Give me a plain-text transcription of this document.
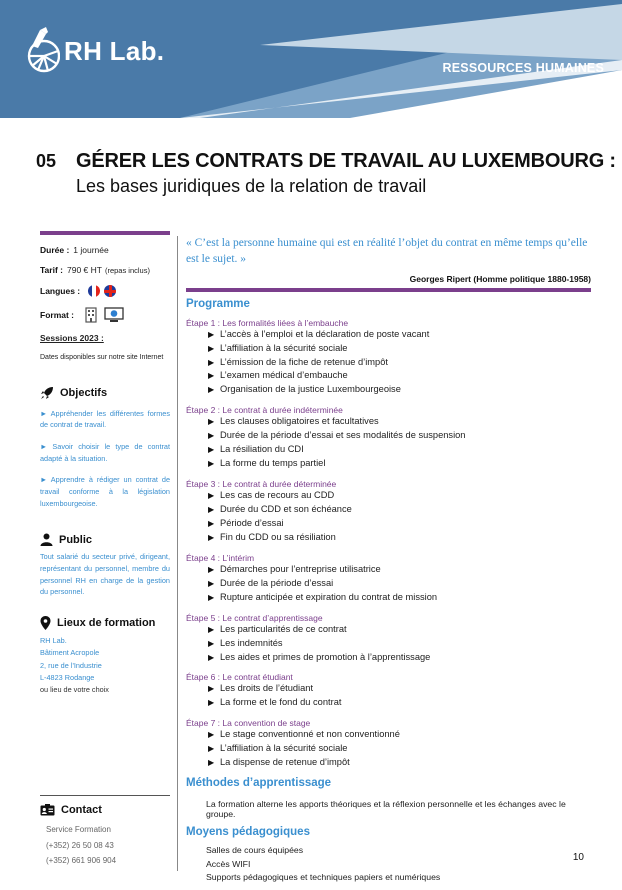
RH Lab.
RESSOURCES HUMAINES
05 GÉRER LES CONTRATS DE TRAVAIL AU LUXEMBOURG :
Les bases juridiques de la relation de travail
Durée : 1 journée
Tarif : 790 € HT (repas inclus)
Langues :
Format :
Sessions 2023 :
Dates disponibles sur notre site Internet
Objectifs
► Appréhender les différentes formes de contrat de travail.
► Savoir choisir le type de contrat adapté à la situation.
► Apprendre à rédiger un contrat de travail conforme à la législation luxembourgeoise.
Public
Tout salarié du secteur privé, dirigeant, représentant du personnel, membre du personnel RH en charge de la gestion du personnel.
Lieux de formation
RH Lab.
Bâtiment Acropole
2, rue de l'Industrie
L-4823 Rodange
ou lieu de votre choix
Contact
Service Formation
(+352) 26 50 08 43
(+352) 661 906 904
« C’est la personne humaine qui est en réalité l’objet du contrat en même temps qu’elle est le sujet. »
Georges Ripert (Homme politique 1880-1958)
Programme
Étape 1 : Les formalités liées à l’embauche
▶ L’accès à l’emploi et la déclaration de poste vacant
▶ L’affiliation à la sécurité sociale
▶ L’émission de la fiche de retenue d’impôt
▶ L’examen médical d’embauche
▶ Organisation de la justice Luxembourgeoise
Étape 2 : Le contrat à durée indéterminée
▶ Les clauses obligatoires et facultatives
▶ Durée de la période d’essai et ses modalités de suspension
▶ La résiliation du CDI
▶ La forme du temps partiel
Étape 3 : Le contrat à durée déterminée
▶ Les cas de recours au CDD
▶ Durée du CDD et son échéance
▶ Période d’essai
▶ Fin du CDD ou sa résiliation
Étape 4 : L’intérim
▶ Démarches pour l’entreprise utilisatrice
▶ Durée de la période d’essai
▶ Rupture anticipée et expiration du contrat de mission
Étape 5 : Le contrat d’apprentissage
▶ Les particularités de ce contrat
▶ Les indemnités
▶ Les aides et primes de promotion à l’apprentissage
Étape 6 : Le contrat étudiant
▶ Les droits de l’étudiant
▶ La forme et le fond du contrat
Étape 7 : La convention de stage
▶ Le stage conventionné et non conventionné
▶ L’affiliation à la sécurité sociale
▶ La dispense de retenue d’impôt
Méthodes d’apprentissage
La formation alterne les apports théoriques et la réflexion personnelle et les échanges avec le groupe.
Moyens pédagogiques
Salles de cours équipées
Accès WIFI
Supports pédagogiques et techniques papiers et numériques
10
